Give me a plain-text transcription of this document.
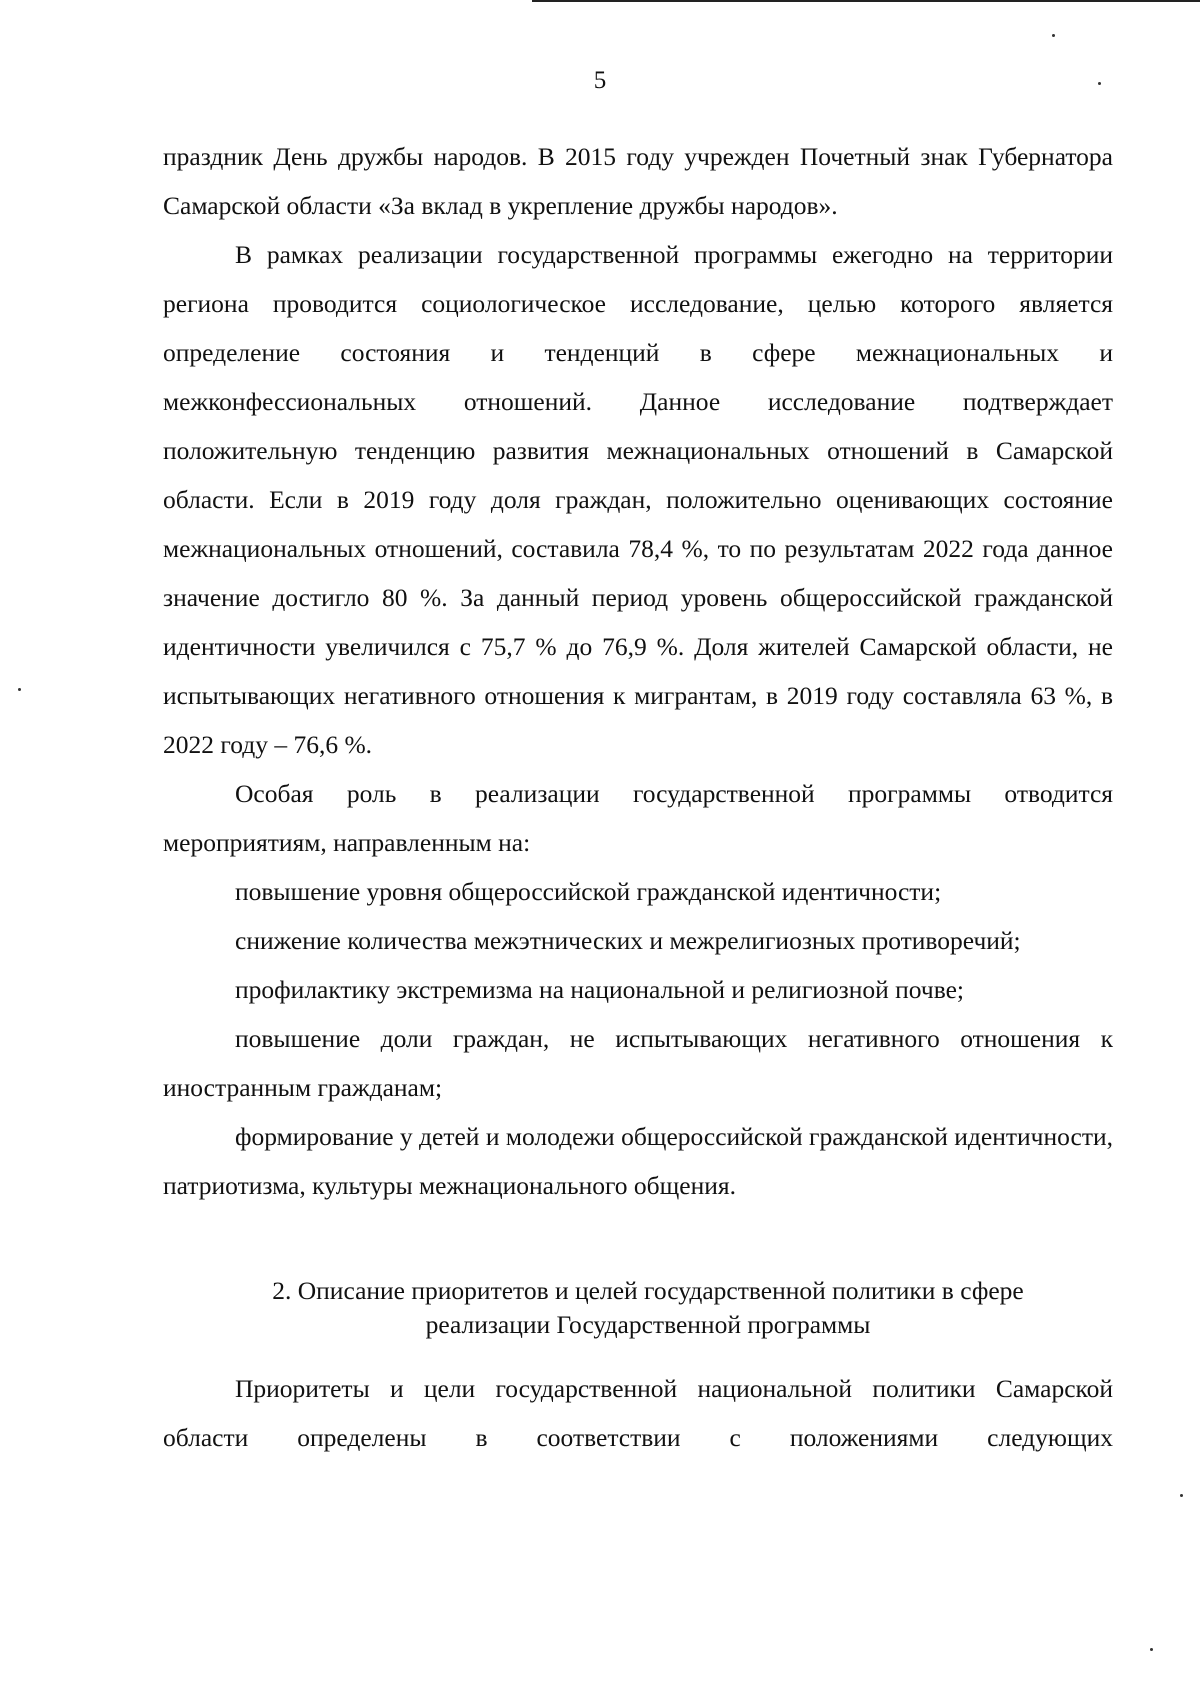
5

праздник День дружбы народов. В 2015 году учрежден Почетный знак Губернатора Самарской области «За вклад в укрепление дружбы народов».

В рамках реализации государственной программы ежегодно на территории региона проводится социологическое исследование, целью которого является определение состояния и тенденций в сфере межнациональных и межконфессиональных отношений. Данное исследование подтверждает положительную тенденцию развития межнациональных отношений в Самарской области. Если в 2019 году доля граждан, положительно оценивающих состояние межнациональных отношений, составила 78,4 %, то по результатам 2022 года данное значение достигло 80 %. За данный период уровень общероссийской гражданской идентичности увеличился с 75,7 % до 76,9 %. Доля жителей Самарской области, не испытывающих негативного отношения к мигрантам, в 2019 году составляла 63 %, в 2022 году – 76,6 %.

Особая роль в реализации государственной программы отводится мероприятиям, направленным на:

повышение уровня общероссийской гражданской идентичности;

снижение количества межэтнических и межрелигиозных противоречий;

профилактику экстремизма на национальной и религиозной почве;

повышение доли граждан, не испытывающих негативного отношения к иностранным гражданам;

формирование у детей и молодежи общероссийской гражданской идентичности, патриотизма, культуры межнационального общения.

2. Описание приоритетов и целей государственной политики в сфере
реализации Государственной программы

Приоритеты и цели государственной национальной политики Самарской области определены в соответствии с положениями следующих
